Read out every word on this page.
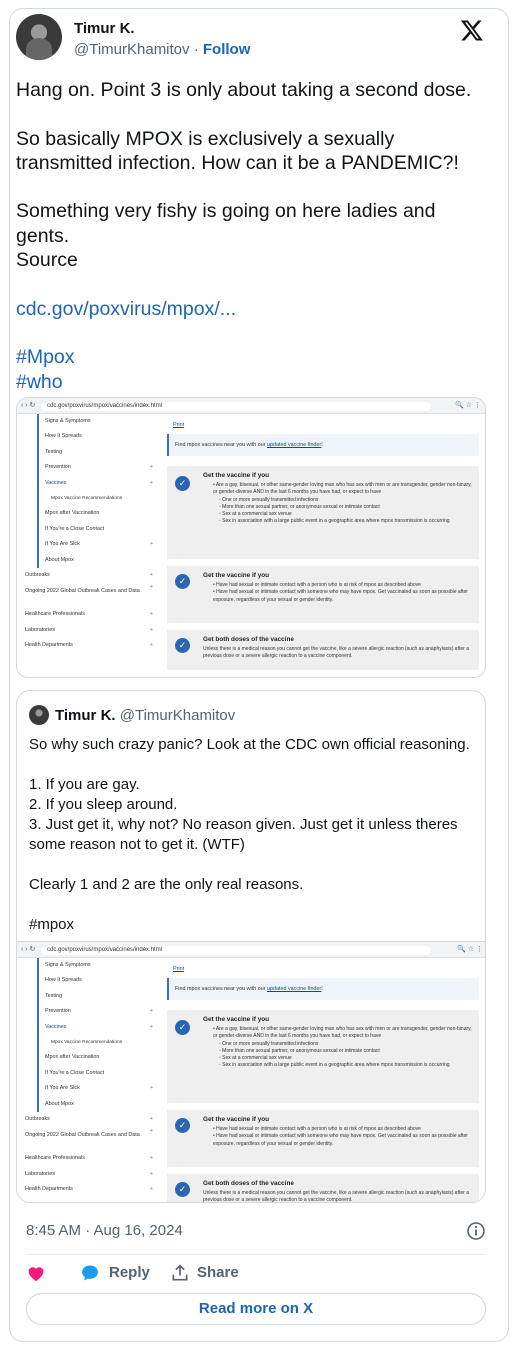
Timur K.
@TimurKhamitov · Follow
Hang on. Point 3 is only about taking a second dose.

So basically MPOX is exclusively a sexually transmitted infection. How can it be a PANDEMIC?!

Something very fishy is going on here ladies and gents.
Source

cdc.gov/poxvirus/mpox/...

#Mpox
#who
‹ › ↻	cdc.gov/poxvirus/mpox/vaccines/index.html	🔍 ☆ ⋮
Signs & Symptoms
How It Spreads
Testing
Prevention	+
Vaccines	+
Mpox Vaccine Recommendations
Mpox after Vaccination
If You're a Close Contact
If You Are Sick	+
About Mpox
Outbreaks	+
Ongoing 2022 Global Outbreak Cases and Data
+
Healthcare Professionals	+
Laboratories	+
Health Departments	+
Print
Find mpox vaccines near you with our updated vaccine finder!
✓
Get the vaccine if you
• Are a gay, bisexual, or other same-gender loving man who has sex with men or are transgender, gender non-binary, or gender-diverse AND in the last 6 months you have had, or expect to have
◦ One or more sexually transmitted infections
◦ More than one sexual partner, or anonymous sexual or intimate contact
◦ Sex at a commercial sex venue
◦ Sex in association with a large public event in a geographic area where mpox transmission is occurring
✓
Get the vaccine if you
• Have had sexual or intimate contact with a person who is at risk of mpox as described above
• Have had sexual or intimate contact with someone who may have mpox. Get vaccinated as soon as possible after exposure, regardless of your sexual or gender identity.
✓
Get both doses of the vaccine
Unless there is a medical reason you cannot get the vaccine, like a severe allergic reaction (such as anaphylaxis) after a previous dose or a severe allergic reaction to a vaccine component.
Timur K. @TimurKhamitov
So why such crazy panic? Look at the CDC own official reasoning.

1. If you are gay.
2. If you sleep around.
3. Just get it, why not? No reason given. Just get it unless theres some reason not to get it. (WTF)

Clearly 1 and 2 are the only real reasons.

#mpox
‹ › ↻	cdc.gov/poxvirus/mpox/vaccines/index.html	🔍 ☆ ⋮
Signs & Symptoms
How It Spreads
Testing
Prevention	+
Vaccines	+
Mpox Vaccine Recommendations
Mpox after Vaccination
If You're a Close Contact
If You Are Sick	+
About Mpox
Outbreaks	+
Ongoing 2022 Global Outbreak Cases and Data
+
Healthcare Professionals	+
Laboratories	+
Health Departments	+
Print
Find mpox vaccines near you with our updated vaccine finder!
✓
Get the vaccine if you
• Are a gay, bisexual, or other same-gender loving man who has sex with men or are transgender, gender non-binary, or gender-diverse AND in the last 6 months you have had, or expect to have
◦ One or more sexually transmitted infections
◦ More than one sexual partner, or anonymous sexual or intimate contact
◦ Sex at a commercial sex venue
◦ Sex in association with a large public event in a geographic area where mpox transmission is occurring
✓
Get the vaccine if you
• Have had sexual or intimate contact with a person who is at risk of mpox as described above
• Have had sexual or intimate contact with someone who may have mpox. Get vaccinated as soon as possible after exposure, regardless of your sexual or gender identity.
✓
Get both doses of the vaccine
Unless there is a medical reason you cannot get the vaccine, like a severe allergic reaction (such as anaphylaxis) after a previous dose or a severe allergic reaction to a vaccine component.
8:45 AM · Aug 16, 2024
Reply	Share
Read more on X
